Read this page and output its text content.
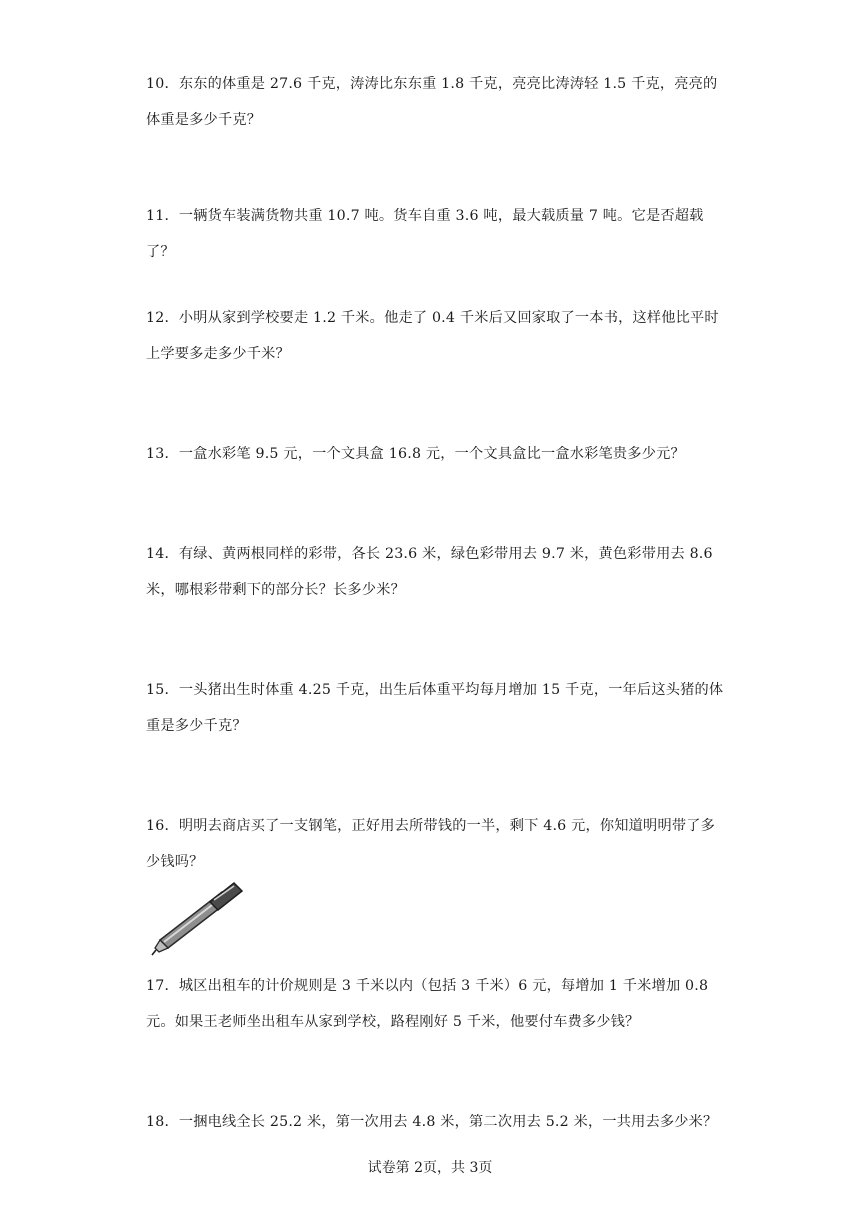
10．东东的体重是 27.6 千克，涛涛比东东重 1.8 千克，亮亮比涛涛轻 1.5 千克，亮亮的体重是多少千克？

11．一辆货车装满货物共重 10.7 吨。货车自重 3.6 吨，最大载质量 7 吨。它是否超载了？

12．小明从家到学校要走 1.2 千米。他走了 0.4 千米后又回家取了一本书，这样他比平时上学要多走多少千米？

13．一盒水彩笔 9.5 元，一个文具盒 16.8 元，一个文具盒比一盒水彩笔贵多少元？

14．有绿、黄两根同样的彩带，各长 23.6 米，绿色彩带用去 9.7 米，黄色彩带用去 8.6 米，哪根彩带剩下的部分长？长多少米？

15．一头猪出生时体重 4.25 千克，出生后体重平均每月增加 15 千克，一年后这头猪的体重是多少千克？

16．明明去商店买了一支钢笔，正好用去所带钱的一半，剩下 4.6 元，你知道明明带了多少钱吗？

17．城区出租车的计价规则是 3 千米以内（包括 3 千米）6 元，每增加 1 千米增加 0.8 元。如果王老师坐出租车从家到学校，路程刚好 5 千米，他要付车费多少钱？

18．一捆电线全长 25.2 米，第一次用去 4.8 米，第二次用去 5.2 米，一共用去多少米？

试卷第 2页，共 3页
